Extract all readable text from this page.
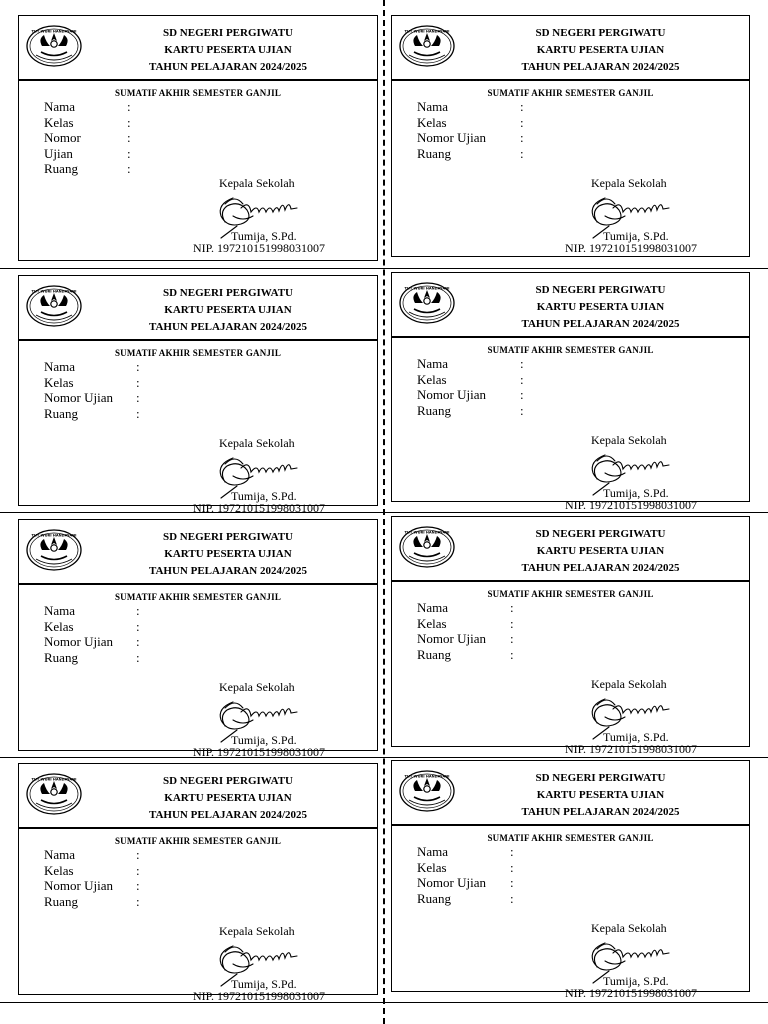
TUT WURI HANDAYANI	SD NEGERI PERGIWATU
KARTU PESERTA UJIAN
TAHUN PELAJARAN 2024/2025
SUMATIF AKHIR SEMESTER GANJIL
Nama	:
Kelas	:
Nomor	:
Ujian	:
Ruang	:
Kepala Sekolah
Tumija, S.Pd.
NIP. 197210151998031007
TUT WURI HANDAYANI	SD NEGERI PERGIWATU
KARTU PESERTA UJIAN
TAHUN PELAJARAN 2024/2025
SUMATIF AKHIR SEMESTER GANJIL
Nama	:
Kelas	:
Nomor Ujian	:
Ruang	:
Kepala Sekolah
Tumija, S.Pd.
NIP. 197210151998031007
TUT WURI HANDAYANI	SD NEGERI PERGIWATU
KARTU PESERTA UJIAN
TAHUN PELAJARAN 2024/2025
SUMATIF AKHIR SEMESTER GANJIL
Nama	:
Kelas	:
Nomor Ujian :
Ruang	:
Kepala Sekolah
Tumija, S.Pd.
NIP. 197210151998031007
TUT WURI HANDAYANI	SD NEGERI PERGIWATU
KARTU PESERTA UJIAN
TAHUN PELAJARAN 2024/2025
SUMATIF AKHIR SEMESTER GANJIL
Nama	:
Kelas	:
Nomor Ujian	:
Ruang	:
Kepala Sekolah
Tumija, S.Pd.
NIP. 197210151998031007
TUT WURI HANDAYANI	SD NEGERI PERGIWATU
KARTU PESERTA UJIAN
TAHUN PELAJARAN 2024/2025
SUMATIF AKHIR SEMESTER GANJIL
Nama	:
Kelas	:
Nomor Ujian :
Ruang	:
Kepala Sekolah
Tumija, S.Pd.
NIP. 197210151998031007
TUT WURI HANDAYANI	SD NEGERI PERGIWATU
KARTU PESERTA UJIAN
TAHUN PELAJARAN 2024/2025
SUMATIF AKHIR SEMESTER GANJIL
Nama	:
Kelas	:
Nomor Ujian :
Ruang	:
Kepala Sekolah
Tumija, S.Pd.
NIP. 197210151998031007
TUT WURI HANDAYANI	SD NEGERI PERGIWATU
KARTU PESERTA UJIAN
TAHUN PELAJARAN 2024/2025
SUMATIF AKHIR SEMESTER GANJIL
Nama	:
Kelas	:
Nomor Ujian :
Ruang	:
Kepala Sekolah
Tumija, S.Pd.
NIP. 197210151998031007
TUT WURI HANDAYANI	SD NEGERI PERGIWATU
KARTU PESERTA UJIAN
TAHUN PELAJARAN 2024/2025
SUMATIF AKHIR SEMESTER GANJIL
Nama	:
Kelas	:
Nomor Ujian :
Ruang	:
Kepala Sekolah
Tumija, S.Pd.
NIP. 197210151998031007
